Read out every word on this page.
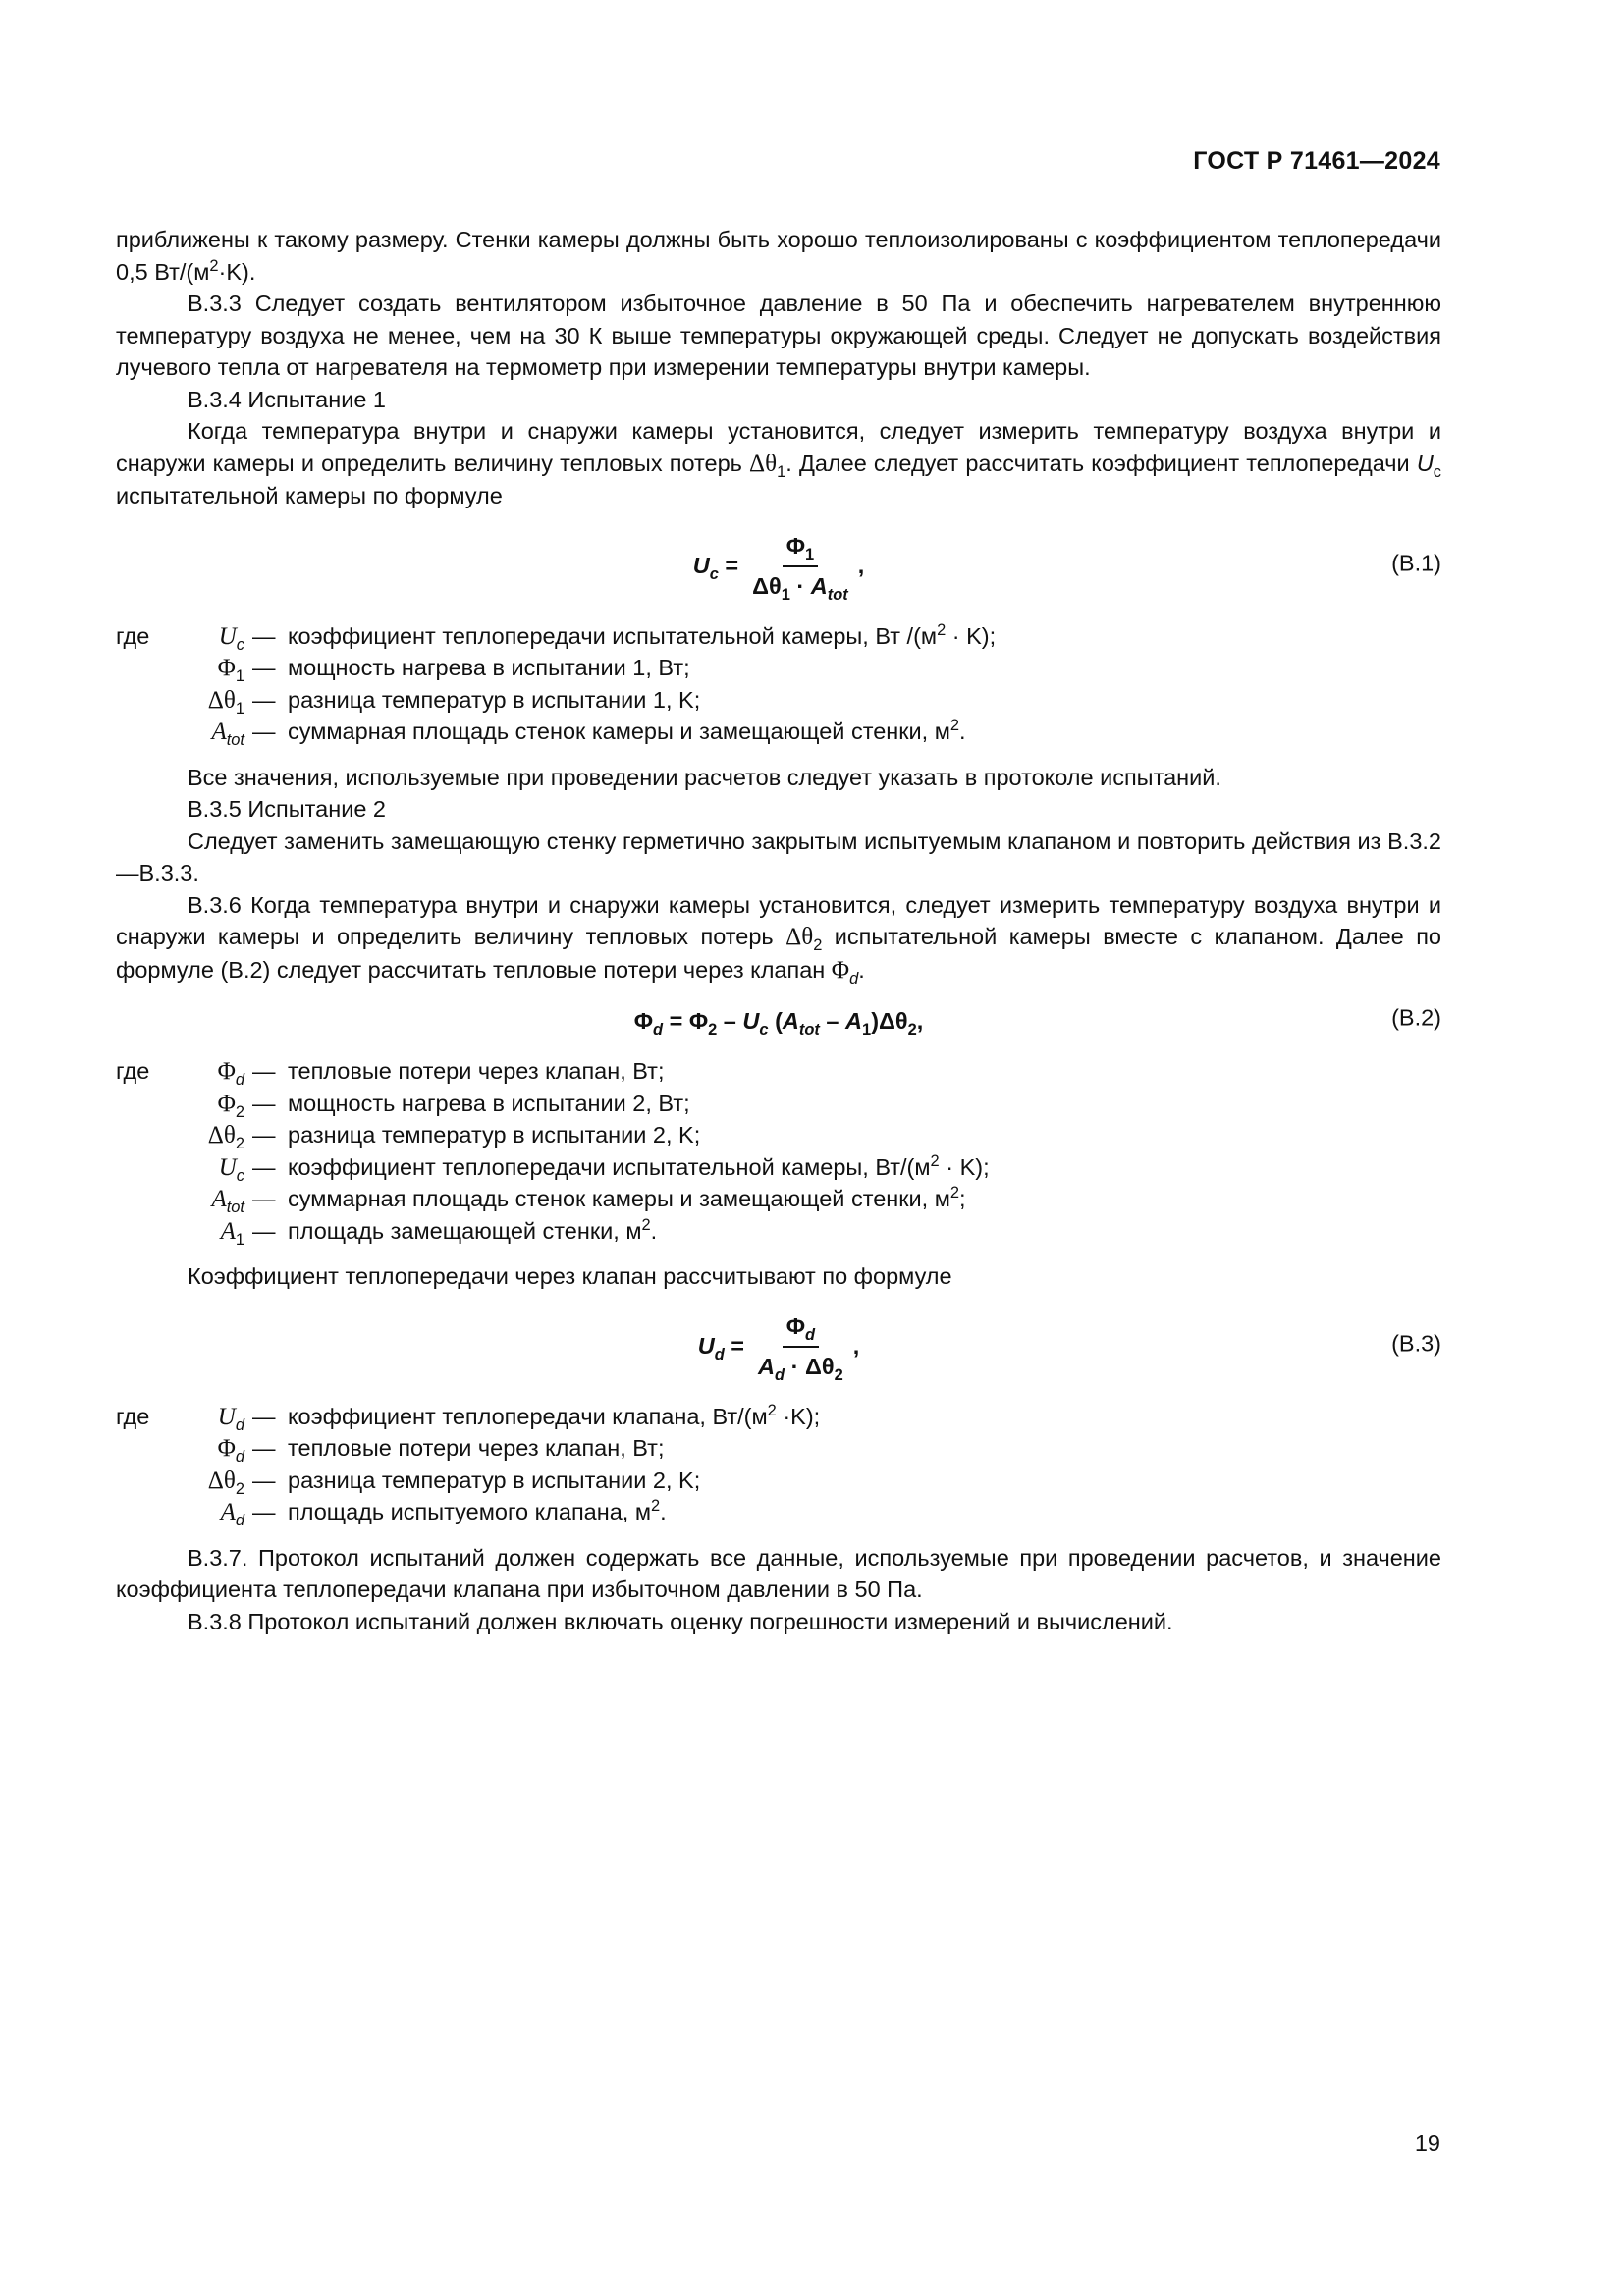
ГОСТ Р 71461—2024

приближены к такому размеру. Стенки камеры должны быть хорошо теплоизолированы с коэффициентом теплопередачи 0,5 $Вт/(м^2\cdot K)$.

В.3.3 Следует создать вентилятором избыточное давление в 50 Па и обеспечить нагревателем внутреннюю температуру воздуха не менее, чем на 30 К выше температуры окружающей среды. Следует не допускать воздействия лучевого тепла от нагревателя на термометр при измерении температуры внутри камеры.

В.3.4 Испытание 1

Когда температура внутри и снаружи камеры установится, следует измерить температуру воздуха внутри и снаружи камеры и определить величину тепловых потерь $\Delta\theta_1$. Далее следует рассчитать коэффициент теплопередачи $U_c$ испытательной камеры по формуле

$U_c = \frac{\Phi_1}{\Delta\theta_1 \cdot A_{tot}}$ ,	(В.1)
где	$U_c$ — коэффициент теплопередачи испытательной камеры, Вт $/(м^2 \cdot K)$;
$\Phi_1$ — мощность нагрева в испытании 1, Вт;
$\Delta\theta_1$ — разница температур в испытании 1, K;
$A_{tot}$ — суммарная площадь стенок камеры и замещающей стенки, $м^2$.

Все значения, используемые при проведении расчетов следует указать в протоколе испытаний.

В.3.5 Испытание 2

Следует заменить замещающую стенку герметично закрытым испытуемым клапаном и повторить действия из В.3.2—В.3.3.

В.3.6 Когда температура внутри и снаружи камеры установится, следует измерить температуру воздуха внутри и снаружи камеры и определить величину тепловых потерь $\Delta\theta_2$ испытательной камеры вместе с клапаном. Далее по формуле (В.2) следует рассчитать тепловые потери через клапан $\Phi_d$.

$\Phi_d = \Phi_2 - U_c$ $(A_{tot} - A_1)\Delta\theta_2$,	(В.2)
где	$\Phi_d$ — тепловые потери через клапан, Вт;
$\Phi_2$ — мощность нагрева в испытании 2, Вт;
$\Delta\theta_2$ — разница температур в испытании 2, K;
$U_c$ — коэффициент теплопередачи испытательной камеры, $Вт/(м^2 \cdot K)$;
$A_{tot}$ — суммарная площадь стенок камеры и замещающей стенки, $м^2$;
$A_1$ — площадь замещающей стенки, $м^2$.

Коэффициент теплопередачи через клапан рассчитывают по формуле

$U_d = \frac{\Phi_d}{A_d \cdot \Delta\theta_2}$ ,	(В.3)
где	$U_d$ — коэффициент теплопередачи клапана, $Вт/(м^2 \cdot K)$;
$\Phi_d$ — тепловые потери через клапан, Вт;
$\Delta\theta_2$ — разница температур в испытании 2, K;
$A_d$ — площадь испытуемого клапана, $м^2$.

В.3.7. Протокол испытаний должен содержать все данные, используемые при проведении расчетов, и значение коэффициента теплопередачи клапана при избыточном давлении в 50 Па.

В.3.8 Протокол испытаний должен включать оценку погрешности измерений и вычислений.

19
